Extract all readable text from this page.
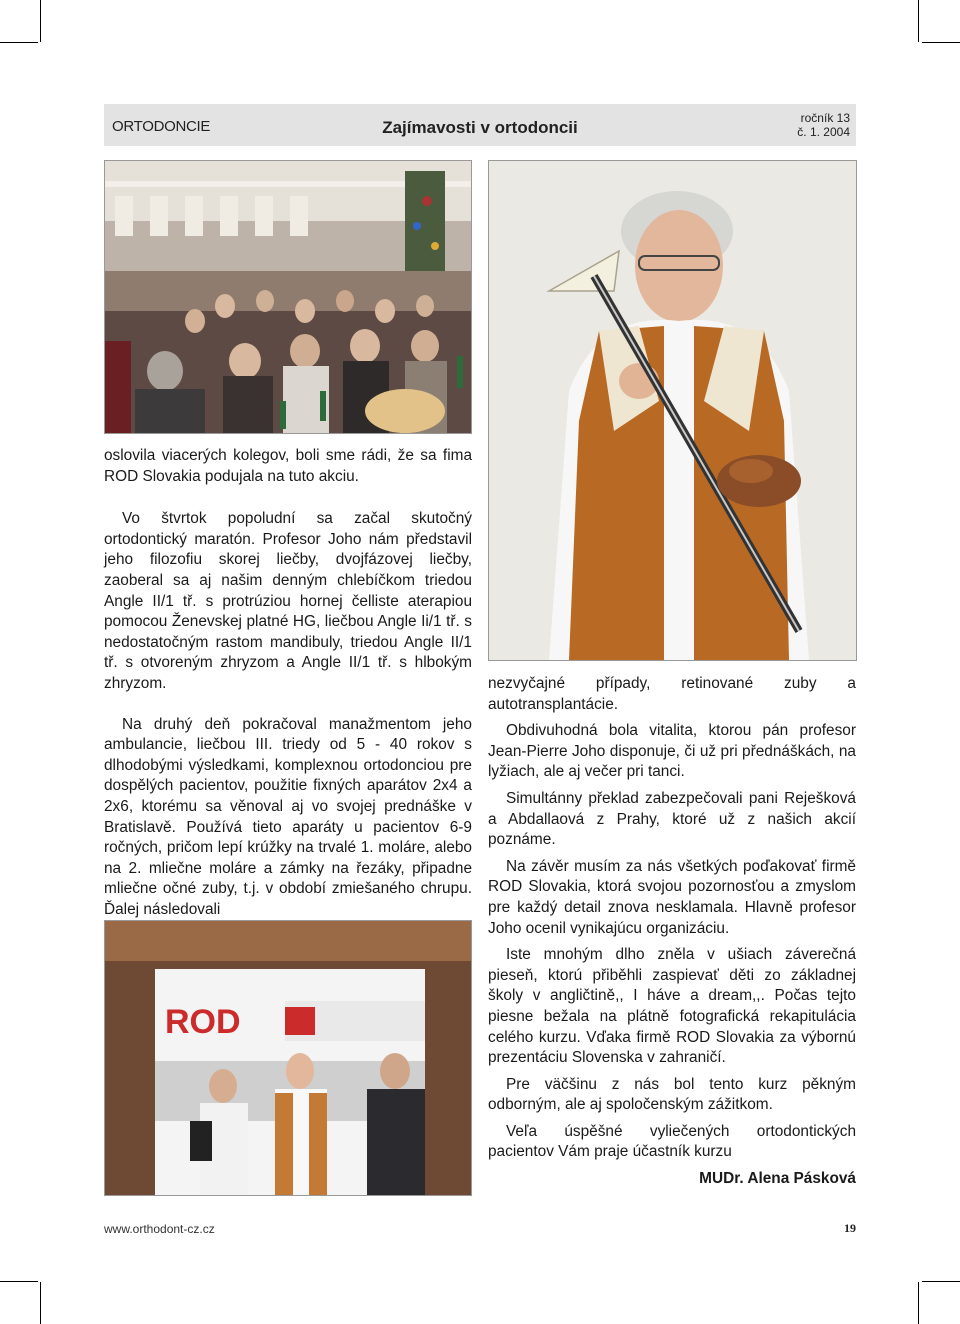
ORTODONCIE	Zajímavosti v ortodoncii	ročník 13
č. 1. 2004

oslovila viacerých kolegov, boli sme rádi, že sa fima ROD Slovakia podujala na tuto akciu.

Vo štvrtok popoludní sa začal skutočný ortodontický maratón. Profesor Joho nám představil jeho filozofiu skorej liečby, dvojfázovej liečby, zaoberal sa aj našim denným chlebíčkom triedou Angle II/1 tř. s protrúziou hornej čelliste aterapiou pomocou Ženevskej platné HG, liečbou Angle Ii/1 tř. s nedostatočným rastom mandibuly, triedou Angle II/1 tř. s otvoreným zhryzom a Angle II/1 tř. s hlbokým zhryzom.

Na druhý deň pokračoval manažmentom jeho ambulancie, liečbou III. triedy od 5 - 40 rokov s dlhodobými výsledkami, komplexnou ortodonciou pre dospělých pacientov, použitie fixných aparátov 2x4 a 2x6, ktorému sa věnoval aj vo svojej prednáške v Bratislavě. Používá tieto aparáty u pacientov 6-9 ročných, pričom lepí krúžky na trvalé 1. moláre, alebo na 2. mliečne moláre a zámky na řezáky, připadne mliečne očné zuby, t.j. v období zmiešaného chrupu. Ďalej následovali

ROD

nezvyčajné případy, retinované zuby a autotransplantácie.

Obdivuhodná bola vitalita, ktorou pán profesor Jean-Pierre Joho disponuje, či už pri přednáškách, na lyžiach, ale aj večer pri tanci.

Simultánny překlad zabezpečovali pani Reješková a Abdallaová z Prahy, ktoré už z našich akcií poznáme.

Na závěr musím za nás všetkých poďakovať firmě ROD Slovakia, ktorá svojou pozornosťou a zmyslom pre každý detail znova nesklamala. Hlavně profesor Joho ocenil vynikajúcu organizáciu.

Iste mnohým dlho zněla v ušiach záverečná pieseň, ktorú přiběhli zaspievať děti zo základnej školy v angličtině,, I háve a dream,,. Počas tejto piesne bežala na plátně fotografická rekapitulácia celého kurzu. Vďaka firmě ROD Slovakia za výbornú prezentáciu Slovenska v zahraničí.

Pre väčšinu z nás bol tento kurz pěkným odborným, ale aj spoločenským zážitkom.

Veľa úspěšné vyliečených ortodontických pacientov Vám praje účastník kurzu

MUDr. Alena Pásková
www.orthodont-cz.cz	19
